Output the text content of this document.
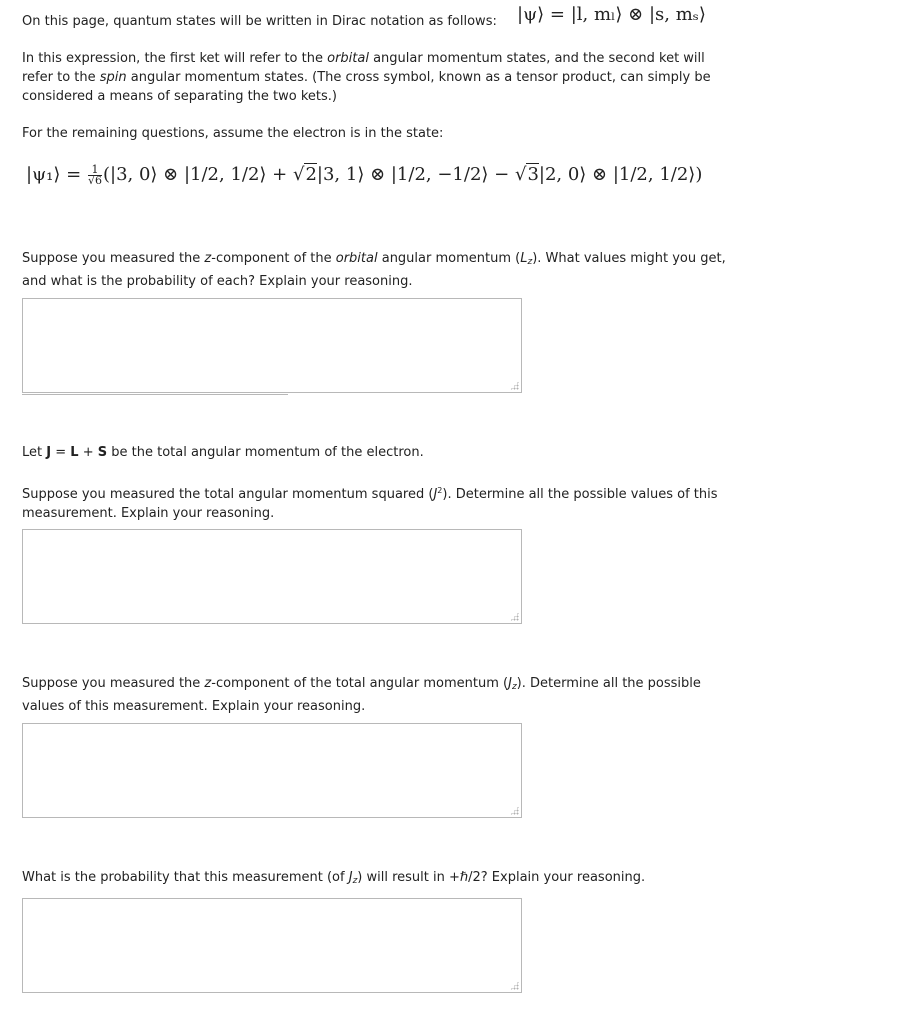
On this page, quantum states will be written in Dirac notation as follows: |ψ⟩ = |l, mₗ⟩ ⊗ |s, mₛ⟩
In this expression, the first ket will refer to the orbital angular momentum states, and the second ket will refer to the spin angular momentum states. (The cross symbol, known as a tensor product, can simply be considered a means of separating the two kets.)
For the remaining questions, assume the electron is in the state:
|ψ₁⟩ = $\frac{1}{√6} (|3$, 0⟩ ⊗ |1/2, 1/2⟩ + √2|3, 1⟩ ⊗ |1/2, −1/2⟩ − √3|2, 0⟩ ⊗ |1/2, 1/2⟩)
Suppose you measured the z-component of the orbital angular momentum $(L_z)$. What values might you get, and what is the probability of each? Explain your reasoning.
Let J = L + S be the total angular momentum of the electron.
Suppose you measured the total angular momentum squared $(J^2)$. Determine all the possible values of this measurement. Explain your reasoning.
Suppose you measured the z-component of the total angular momentum $(J_z)$. Determine all the possible values of this measurement. Explain your reasoning.
What is the probability that this measurement (of $J_z$) will result in +ℏ/2? Explain your reasoning.
